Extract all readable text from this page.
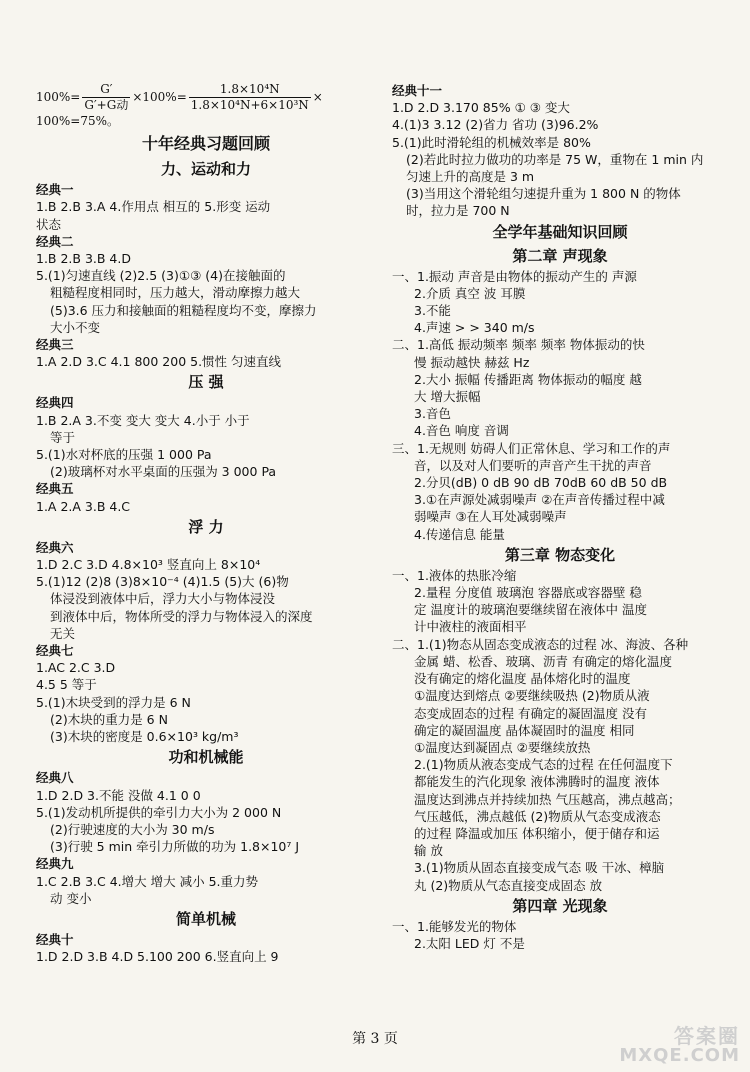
$100\%= \frac{G'}{\text{G′+G动}} \times 100\%= \frac{\text{1.8×10⁴N}}{\text{1.8×10⁴N+6×10³N}}$ ×
100%=75%。
十年经典习题回顾
力、运动和力
经典一
1.B 2.B 3.A 4.作用点 相互的 5.形变 运动
状态
经典二
1.B 2.B 3.B 4.D
5.(1)匀速直线 (2)2.5 (3)①③ (4)在接触面的
粗糙程度相同时，压力越大，滑动摩擦力越大
(5)3.6 压力和接触面的粗糙程度均不变，摩擦力
大小不变
经典三
1.A 2.D 3.C 4.1 800 200 5.惯性 匀速直线
压 强
经典四
1.B 2.A 3.不变 变大 变大 4.小于 小于
等于
5.(1)水对杯底的压强 1 000 Pa
(2)玻璃杯对水平桌面的压强为 3 000 Pa
经典五
1.A 2.A 3.B 4.C
浮 力
经典六
1.D 2.C 3.D 4.8×10³ 竖直向上 8×10⁴
5.(1)12 (2)8 (3)8×10⁻⁴ (4)1.5 (5)大 (6)物
体浸没到液体中后，浮力大小与物体浸没
到液体中后，物体所受的浮力与物体浸入的深度
无关
经典七
1.AC 2.C 3.D
4.5 5 等于
5.(1)木块受到的浮力是 6 N
(2)木块的重力是 6 N
(3)木块的密度是 0.6×10³ kg/m³
功和机械能
经典八
1.D 2.D 3.不能 没做 4.1 0 0
5.(1)发动机所提供的牵引力大小为 2 000 N
(2)行驶速度的大小为 30 m/s
(3)行驶 5 min 牵引力所做的功为 1.8×10⁷ J
经典九
1.C 2.B 3.C 4.增大 增大 减小 5.重力势
动 变小
简单机械
经典十
1.D 2.D 3.B 4.D 5.100 200 6.竖直向上 9
经典十一
1.D 2.D 3.170 85% ① ③ 变大
4.(1)3 3.12 (2)省力 省功 (3)96.2%
5.(1)此时滑轮组的机械效率是 80%
(2)若此时拉力做功的功率是 75 W，重物在 1 min 内
匀速上升的高度是 3 m
(3)当用这个滑轮组匀速提升重为 1 800 N 的物体
时，拉力是 700 N
全学年基础知识回顾
第二章 声现象
一、1.振动 声音是由物体的振动产生的 声源
2.介质 真空 波 耳膜
3.不能
4.声速 > > 340 m/s
二、1.高低 振动频率 频率 频率 物体振动的快
慢 振动越快 赫兹 Hz
2.大小 振幅 传播距离 物体振动的幅度 越
大 增大振幅
3.音色
4.音色 响度 音调
三、1.无规则 妨碍人们正常休息、学习和工作的声
音，以及对人们要听的声音产生干扰的声音
2.分贝(dB) 0 dB 90 dB 70dB 60 dB 50 dB
3.①在声源处减弱噪声 ②在声音传播过程中减
弱噪声 ③在人耳处减弱噪声
4.传递信息 能量
第三章 物态变化
一、1.液体的热胀冷缩
2.量程 分度值 玻璃泡 容器底或容器壁 稳
定 温度计的玻璃泡要继续留在液体中 温度
计中液柱的液面相平
二、1.(1)物态从固态变成液态的过程 冰、海波、各种
金属 蜡、松香、玻璃、沥青 有确定的熔化温度
没有确定的熔化温度 晶体熔化时的温度
①温度达到熔点 ②要继续吸热 (2)物质从液
态变成固态的过程 有确定的凝固温度 没有
确定的凝固温度 晶体凝固时的温度 相同
①温度达到凝固点 ②要继续放热
2.(1)物质从液态变成气态的过程 在任何温度下
都能发生的汽化现象 液体沸腾时的温度 液体
温度达到沸点并持续加热 气压越高，沸点越高；
气压越低，沸点越低 (2)物质从气态变成液态
的过程 降温或加压 体积缩小，便于储存和运
输 放
3.(1)物质从固态直接变成气态 吸 干冰、樟脑
丸 (2)物质从气态直接变成固态 放
第四章 光现象
一、1.能够发光的物体
2.太阳 LED 灯 不是
第 3 页	答案圈
MXQE.COM
